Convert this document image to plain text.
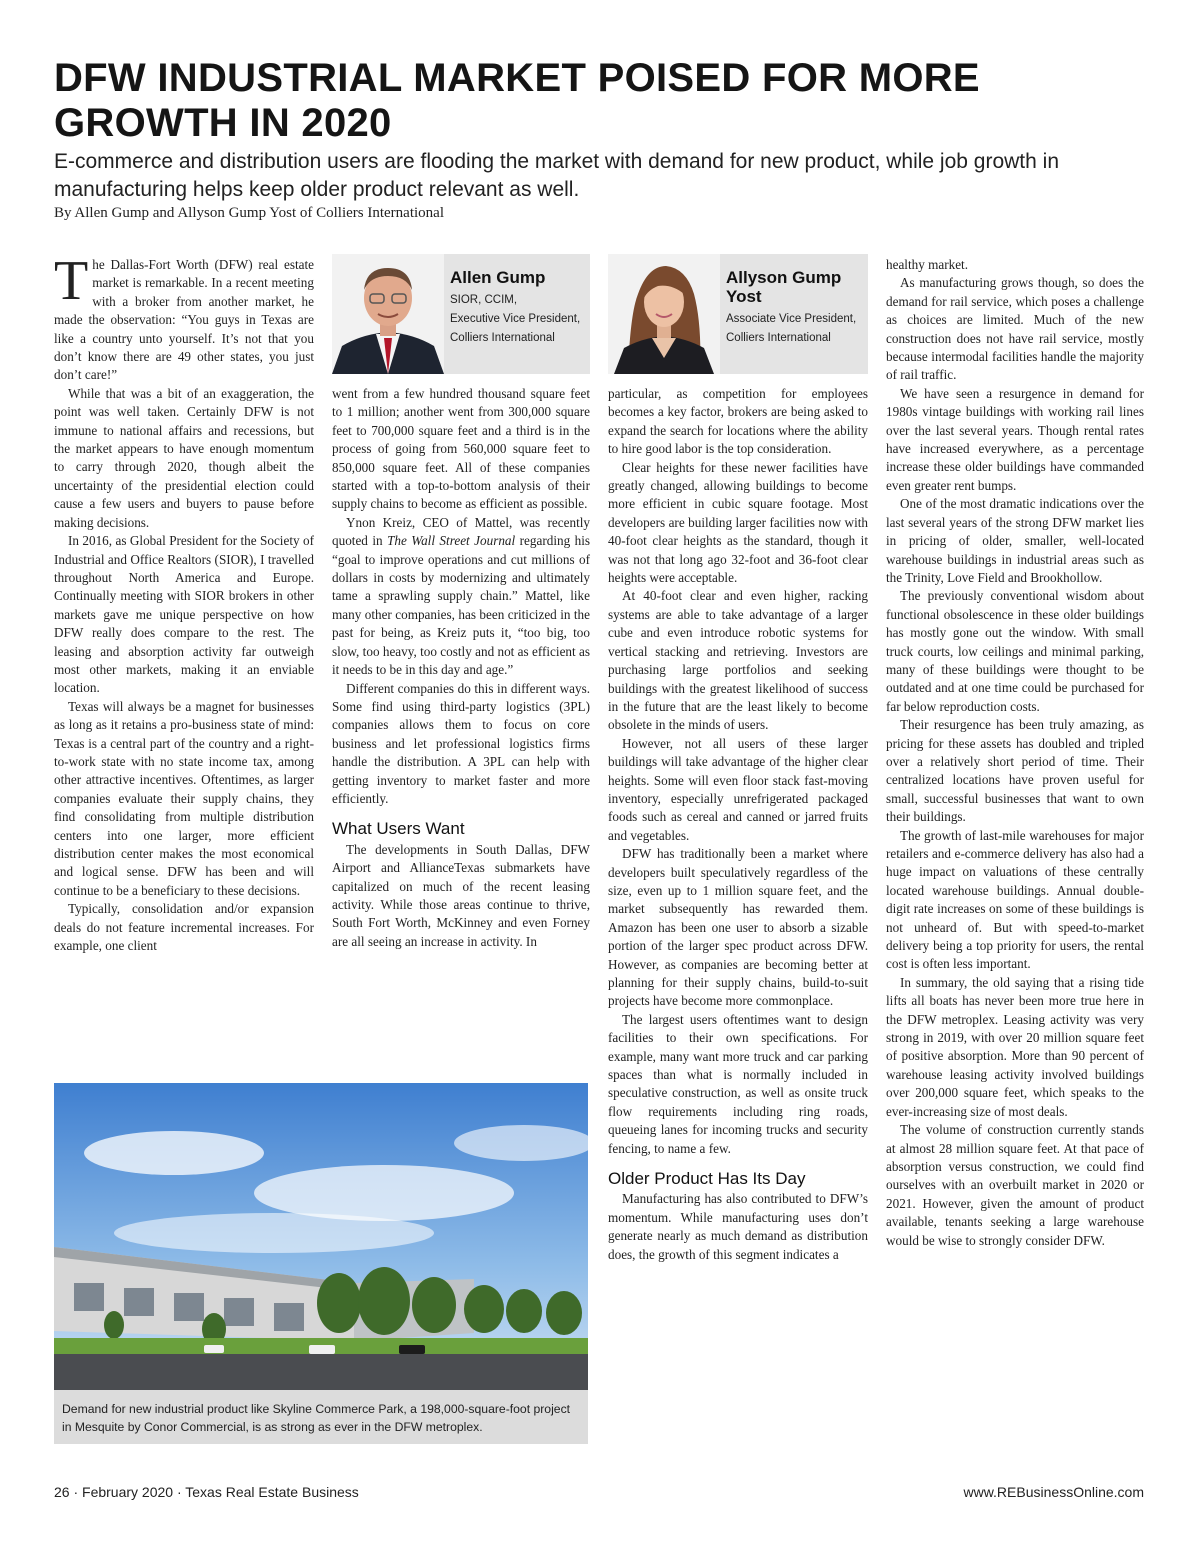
DFW INDUSTRIAL MARKET POISED FOR MORE GROWTH IN 2020

E-commerce and distribution users are flooding the market with demand for new product, while job growth in manufacturing helps keep older product relevant as well.

By Allen Gump and Allyson Gump Yost of Colliers International

The Dallas-Fort Worth (DFW) real estate market is remarkable. In a recent meeting with a broker from another market, he made the observation: “You guys in Texas are like a country unto yourself. It’s not that you don’t know there are 49 other states, you just don’t care!”

While that was a bit of an exaggeration, the point was well taken. Certainly DFW is not immune to national affairs and recessions, but the market appears to have enough momentum to carry through 2020, though albeit the uncertainty of the presidential election could cause a few users and buyers to pause before making decisions.

In 2016, as Global President for the Society of Industrial and Office Realtors (SIOR), I travelled throughout North America and Europe. Continually meeting with SIOR brokers in other markets gave me unique perspective on how DFW really does compare to the rest. The leasing and absorption activity far outweigh most other markets, making it an enviable location.

Texas will always be a magnet for businesses as long as it retains a pro-business state of mind: Texas is a central part of the country and a right-to-work state with no state income tax, among other attractive incentives. Oftentimes, as larger companies evaluate their supply chains, they find consolidating from multiple distribution centers into one larger, more efficient distribution center makes the most economical and logical sense. DFW has been and will continue to be a beneficiary to these decisions.

Typically, consolidation and/or expansion deals do not feature incremental increases. For example, one client

Allen Gump
SIOR, CCIM,
Executive Vice President,
Colliers International
Allyson Gump Yost
Associate Vice President,
Colliers International

went from a few hundred thousand square feet to 1 million; another went from 300,000 square feet to 700,000 square feet and a third is in the process of going from 560,000 square feet to 850,000 square feet. All of these companies started with a top-to-bottom analysis of their supply chains to become as efficient as possible.

Ynon Kreiz, CEO of Mattel, was recently quoted in The Wall Street Journal regarding his “goal to improve operations and cut millions of dollars in costs by modernizing and ultimately tame a sprawling supply chain.” Mattel, like many other companies, has been criticized in the past for being, as Kreiz puts it, “too big, too slow, too heavy, too costly and not as efficient as it needs to be in this day and age.”

Different companies do this in different ways. Some find using third-party logistics (3PL) companies allows them to focus on core business and let professional logistics firms handle the distribution. A 3PL can help with getting inventory to market faster and more efficiently.

What Users Want

The developments in South Dallas, DFW Airport and AllianceTexas submarkets have capitalized on much of the recent leasing activity. While those areas continue to thrive, South Fort Worth, McKinney and even Forney are all seeing an increase in activity. In

particular, as competition for employees becomes a key factor, brokers are being asked to expand the search for locations where the ability to hire good labor is the top consideration.

Clear heights for these newer facilities have greatly changed, allowing buildings to become more efficient in cubic square footage. Most developers are building larger facilities now with 40-foot clear heights as the standard, though it was not that long ago 32-foot and 36-foot clear heights were acceptable.

At 40-foot clear and even higher, racking systems are able to take advantage of a larger cube and even introduce robotic systems for vertical stacking and retrieving. Investors are purchasing large portfolios and seeking buildings with the greatest likelihood of success in the future that are the least likely to become obsolete in the minds of users.

However, not all users of these larger buildings will take advantage of the higher clear heights. Some will even floor stack fast-moving inventory, especially unrefrigerated packaged foods such as cereal and canned or jarred fruits and vegetables.

DFW has traditionally been a market where developers built speculatively regardless of the size, even up to 1 million square feet, and the market subsequently has rewarded them. Amazon has been one user to absorb a sizable portion of the larger spec product across DFW. However, as companies are becoming better at planning for their supply chains, build-to-suit projects have become more commonplace.

The largest users oftentimes want to design facilities to their own specifications. For example, many want more truck and car parking spaces than what is normally included in speculative construction, as well as onsite truck flow requirements including ring roads, queueing lanes for incoming trucks and security fencing, to name a few.

Older Product Has Its Day

Manufacturing has also contributed to DFW’s momentum. While manufacturing uses don’t generate nearly as much demand as distribution does, the growth of this segment indicates a

healthy market.

As manufacturing grows though, so does the demand for rail service, which poses a challenge as choices are limited. Much of the new construction does not have rail service, mostly because intermodal facilities handle the majority of rail traffic.

We have seen a resurgence in demand for 1980s vintage buildings with working rail lines over the last several years. Though rental rates have increased everywhere, as a percentage increase these older buildings have commanded even greater rent bumps.

One of the most dramatic indications over the last several years of the strong DFW market lies in pricing of older, smaller, well-located warehouse buildings in industrial areas such as the Trinity, Love Field and Brookhollow.

The previously conventional wisdom about functional obsolescence in these older buildings has mostly gone out the window. With small truck courts, low ceilings and minimal parking, many of these buildings were thought to be outdated and at one time could be purchased for far below reproduction costs.

Their resurgence has been truly amazing, as pricing for these assets has doubled and tripled over a relatively short period of time. Their centralized locations have proven useful for small, successful businesses that want to own their buildings.

The growth of last-mile warehouses for major retailers and e-commerce delivery has also had a huge impact on valuations of these centrally located warehouse buildings. Annual double-digit rate increases on some of these buildings is not unheard of. But with speed-to-market delivery being a top priority for users, the rental cost is often less important.

In summary, the old saying that a rising tide lifts all boats has never been more true here in the DFW metroplex. Leasing activity was very strong in 2019, with over 20 million square feet of positive absorption. More than 90 percent of warehouse leasing activity involved buildings over 200,000 square feet, which speaks to the ever-increasing size of most deals.

The volume of construction currently stands at almost 28 million square feet. At that pace of absorption versus construction, we could find ourselves with an overbuilt market in 2020 or 2021. However, given the amount of product available, tenants seeking a large warehouse would be wise to strongly consider DFW.

Demand for new industrial product like Skyline Commerce Park, a 198,000-square-foot project in Mesquite by Conor Commercial, is as strong as ever in the DFW metroplex.
26 · February 2020 · Texas Real Estate Business	www.REBusinessOnline.com
